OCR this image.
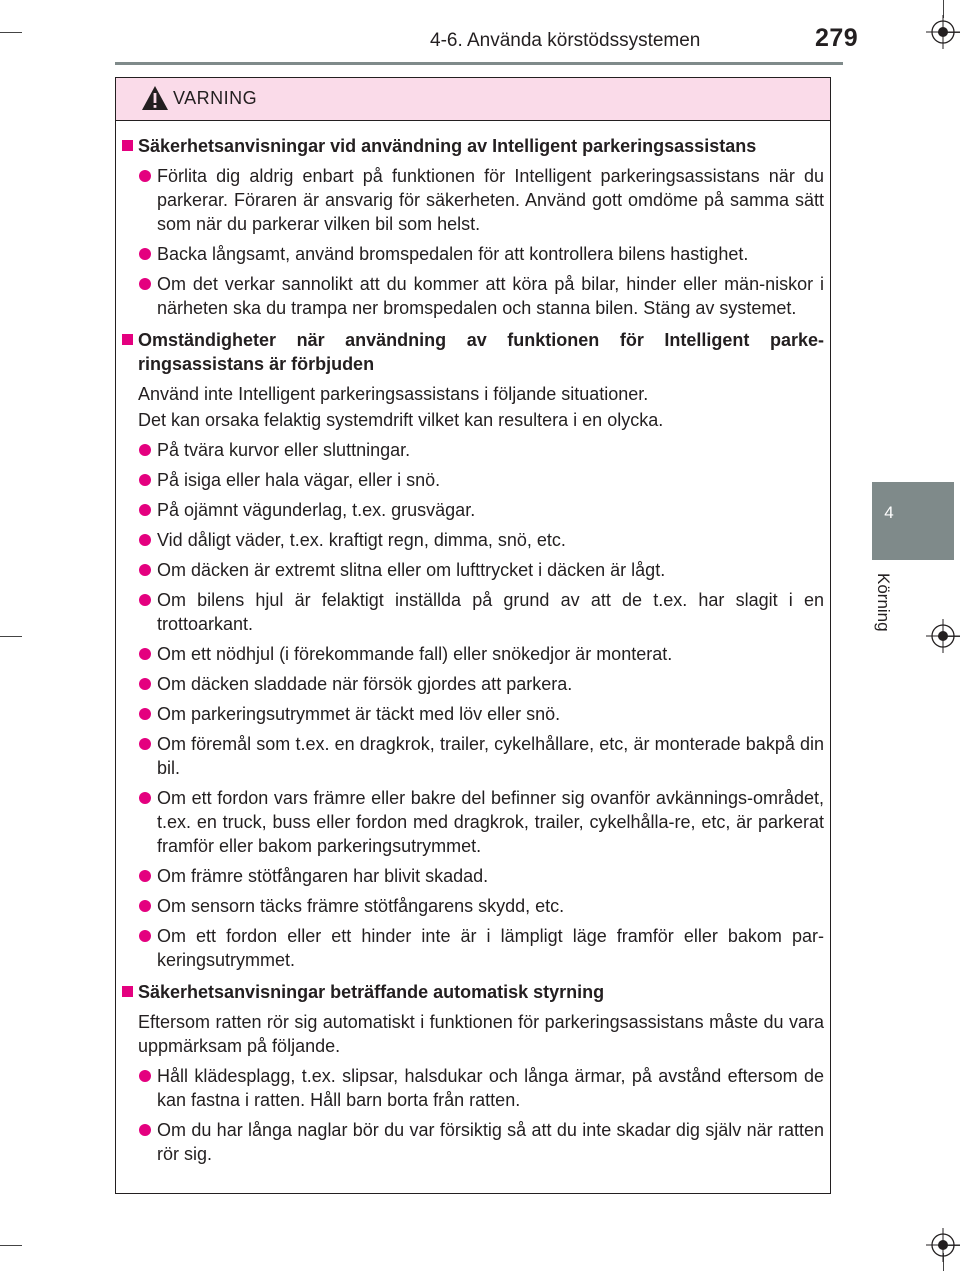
4-6. Använda körstödssystemen	279
4
Körning
VARNING
Säkerhetsanvisningar vid användning av Intelligent parkeringsassistans
Förlita dig aldrig enbart på funktionen för Intelligent parkeringsassistans när du parkerar. Föraren är ansvarig för säkerheten. Använd gott omdöme på samma sätt som när du parkerar vilken bil som helst.
Backa långsamt, använd bromspedalen för att kontrollera bilens hastighet.
Om det verkar sannolikt att du kommer att köra på bilar, hinder eller män-niskor i närheten ska du trampa ner bromspedalen och stanna bilen. Stäng av systemet.
Omständigheter när användning av funktionen för Intelligent parke-ringsassistans är förbjuden
Använd inte Intelligent parkeringsassistans i följande situationer.
Det kan orsaka felaktig systemdrift vilket kan resultera i en olycka.
På tvära kurvor eller sluttningar.
På isiga eller hala vägar, eller i snö.
På ojämnt vägunderlag, t.ex. grusvägar.
Vid dåligt väder, t.ex. kraftigt regn, dimma, snö, etc.
Om däcken är extremt slitna eller om lufttrycket i däcken är lågt.
Om bilens hjul är felaktigt inställda på grund av att de t.ex. har slagit i en trottoarkant.
Om ett nödhjul (i förekommande fall) eller snökedjor är monterat.
Om däcken sladdade när försök gjordes att parkera.
Om parkeringsutrymmet är täckt med löv eller snö.
Om föremål som t.ex. en dragkrok, trailer, cykelhållare, etc, är monterade bakpå din bil.
Om ett fordon vars främre eller bakre del befinner sig ovanför avkännings-området, t.ex. en truck, buss eller fordon med dragkrok, trailer, cykelhålla-re, etc, är parkerat framför eller bakom parkeringsutrymmet.
Om främre stötfångaren har blivit skadad.
Om sensorn täcks främre stötfångarens skydd, etc.
Om ett fordon eller ett hinder inte är i lämpligt läge framför eller bakom par-keringsutrymmet.
Säkerhetsanvisningar beträffande automatisk styrning
Eftersom ratten rör sig automatiskt i funktionen för parkeringsassistans måste du vara uppmärksam på följande.
Håll klädesplagg, t.ex. slipsar, halsdukar och långa ärmar, på avstånd eftersom de kan fastna i ratten. Håll barn borta från ratten.
Om du har långa naglar bör du var försiktig så att du inte skadar dig själv när ratten rör sig.
